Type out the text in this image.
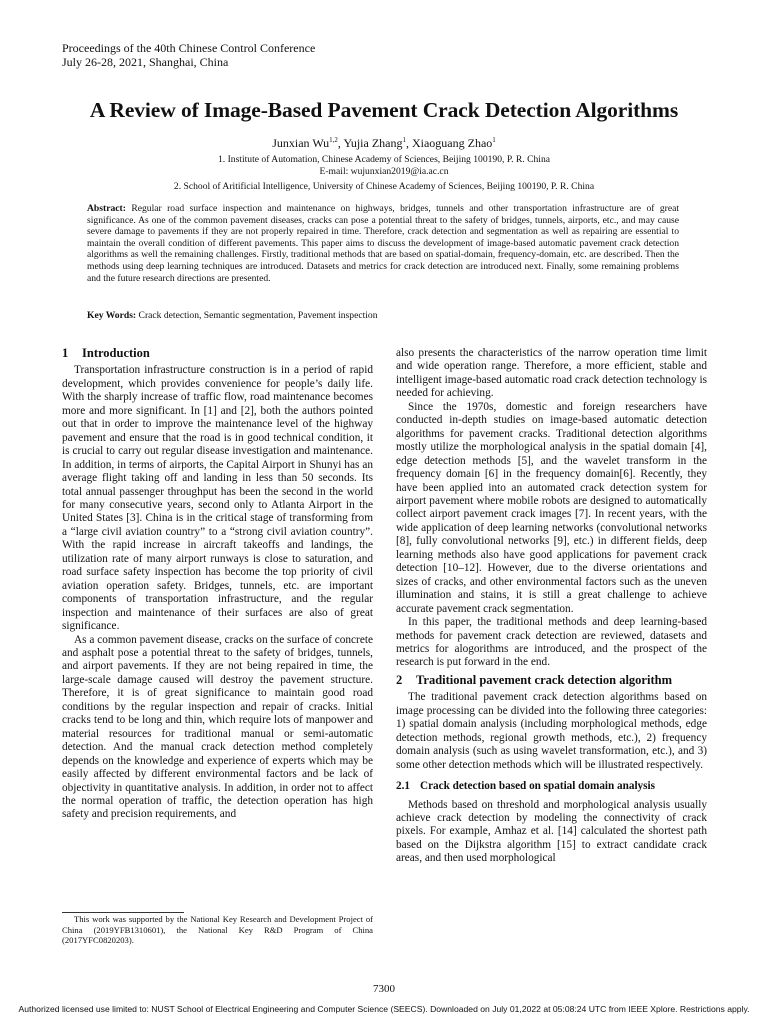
Proceedings of the 40th Chinese Control Conference
July 26-28, 2021, Shanghai, China
A Review of Image-Based Pavement Crack Detection Algorithms
Junxian Wu$^{1,2}$, Yujia Zhang$^1$, Xiaoguang Zhao$^1$
1. Institute of Automation, Chinese Academy of Sciences, Beijing 100190, P. R. China
E-mail: wujunxian2019@ia.ac.cn
2. School of Aritificial Intelligence, University of Chinese Academy of Sciences, Beijing 100190, P. R. China

Abstract: Regular road surface inspection and maintenance on highways, bridges, tunnels and other transportation infrastructure are of great significance. As one of the common pavement diseases, cracks can pose a potential threat to the safety of bridges, tunnels, airports, etc., and may cause severe damage to pavements if they are not properly repaired in time. Therefore, crack detection and segmentation as well as repairing are essential to maintain the overall condition of different pavements. This paper aims to discuss the development of image-based automatic pavement crack detection algorithms as well the remaining challenges. Firstly, traditional methods that are based on spatial-domain, frequency-domain, etc. are described. Then the methods using deep learning techniques are introduced. Datasets and metrics for crack detection are introduced next. Finally, some remaining problems and the future research directions are presented.

Key Words: Crack detection, Semantic segmentation, Pavement inspection
1 Introduction

Transportation infrastructure construction is in a period of rapid development, which provides convenience for people’s daily life. With the sharply increase of traffic flow, road maintenance becomes more and more significant. In [1] and [2], both the authors pointed out that in order to improve the maintenance level of the highway pavement and ensure that the road is in good technical condition, it is crucial to carry out regular disease investigation and maintenance. In addition, in terms of airports, the Capital Airport in Shunyi has an average flight taking off and landing in less than 50 seconds. Its total annual passenger throughput has been the second in the world for many consecutive years, second only to Atlanta Airport in the United States [3]. China is in the critical stage of transforming from a “large civil aviation country” to a “strong civil aviation country”. With the rapid increase in aircraft takeoffs and landings, the utilization rate of many airport runways is close to saturation, and road surface safety inspection has become the top priority of civil aviation operation safety. Bridges, tunnels, etc. are important components of transportation infrastructure, and the regular inspection and maintenance of their surfaces are also of great significance.

As a common pavement disease, cracks on the surface of concrete and asphalt pose a potential threat to the safety of bridges, tunnels, and airport pavements. If they are not being repaired in time, the large-scale damage caused will destroy the pavement structure. Therefore, it is of great significance to maintain good road conditions by the regular inspection and repair of cracks. Initial cracks tend to be long and thin, which require lots of manpower and material resources for traditional manual or semi-automatic detection. And the manual crack detection method completely depends on the knowledge and experience of experts which may be easily affected by different environmental factors and be lack of objectivity in quantitative analysis. In addition, in order not to affect the normal operation of traffic, the detection operation has high safety and precision requirements, and

also presents the characteristics of the narrow operation time limit and wide operation range. Therefore, a more efficient, stable and intelligent image-based automatic road crack detection technology is needed for achieving.

Since the 1970s, domestic and foreign researchers have conducted in-depth studies on image-based automatic detection algorithms for pavement cracks. Traditional detection algorithms mostly utilize the morphological analysis in the spatial domain [4], edge detection methods [5], and the wavelet transform in the frequency domain [6] in the frequency domain[6]. Recently, they have been applied into an automated crack detection system for airport pavement where mobile robots are designed to automatically collect airport pavement crack images [7]. In recent years, with the wide application of deep learning networks (convolutional networks [8], fully convolutional networks [9], etc.) in different fields, deep learning methods also have good applications for pavement crack detection [10–12]. However, due to the diverse orientations and sizes of cracks, and other environmental factors such as the uneven illumination and stains, it is still a great challenge to achieve accurate pavement crack segmentation.

In this paper, the traditional methods and deep learning-based methods for pavement crack detection are reviewed, datasets and metrics for alogorithms are introduced, and the prospect of the research is put forward in the end.

2 Traditional pavement crack detection algorithm

The traditional pavement crack detection algorithms based on image processing can be divided into the following three categories: 1) spatial domain analysis (including morphological methods, edge detection methods, regional growth methods, etc.), 2) frequency domain analysis (such as using wavelet transformation, etc.), and 3) some other detection methods which will be illustrated respectively.

2.1 Crack detection based on spatial domain analysis

Methods based on threshold and morphological analysis usually achieve crack detection by modeling the connectivity of crack pixels. For example, Amhaz et al. [14] calculated the shortest path based on the Dijkstra algorithm [15] to extract candidate crack areas, and then used morphological

This work was supported by the National Key Research and Development Project of China (2019YFB1310601), the National Key R&D Program of China (2017YFC0820203).

7300
Authorized licensed use limited to: NUST School of Electrical Engineering and Computer Science (SEECS). Downloaded on July 01,2022 at 05:08:24 UTC from IEEE Xplore. Restrictions apply.
